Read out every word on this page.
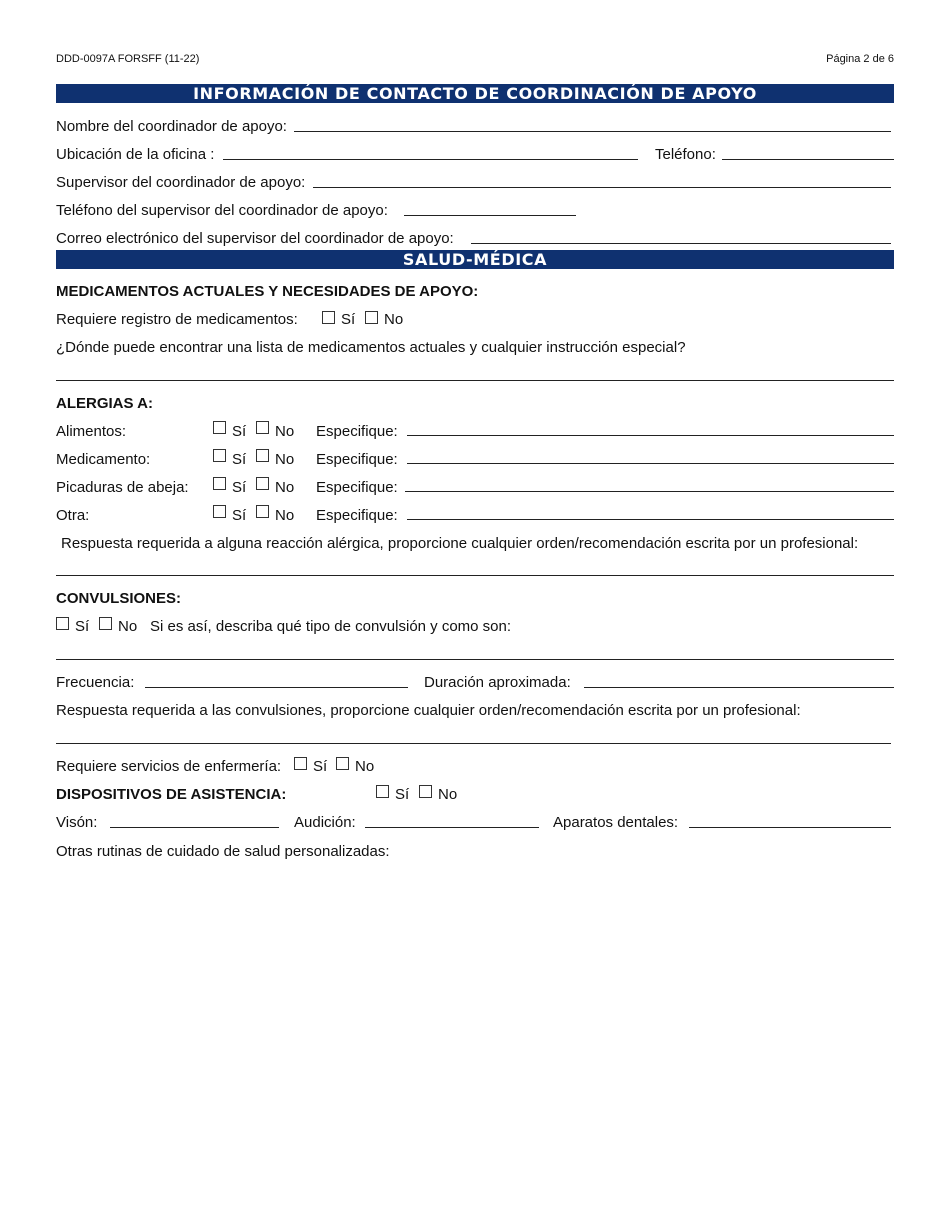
DDD-0097A FORSFF (11-22)	Página 2 de 6
INFORMACIÓN DE CONTACTO DE COORDINACIÓN DE APOYO
Nombre del coordinador de apoyo:
Ubicación de la oficina :	Teléfono:
Supervisor del coordinador de apoyo:
Teléfono del supervisor del coordinador de apoyo:
Correo electrónico del supervisor del coordinador de apoyo:
SALUD-MÉDICA
MEDICAMENTOS ACTUALES Y NECESIDADES DE APOYO:
Requiere registro de medicamentos:	Sí No
¿Dónde puede encontrar una lista de medicamentos actuales y cualquier instrucción especial?
ALERGIAS A:
Alimentos:	Sí No Especifique:
Medicamento:	Sí No Especifique:
Picaduras de abeja:	Sí No Especifique:
Otra:	Sí No Especifique:
Respuesta requerida a alguna reacción alérgica, proporcione cualquier orden/recomendación escrita por un profesional:
CONVULSIONES:
Sí No Si es así, describa qué tipo de convulsión y como son:
Frecuencia:	Duración aproximada:
Respuesta requerida a las convulsiones, proporcione cualquier orden/recomendación escrita por un profesional:
Requiere servicios de enfermería: Sí No
DISPOSITIVOS DE ASISTENCIA:	Sí No
Visón:	Audición:	Aparatos dentales:
Otras rutinas de cuidado de salud personalizadas:
